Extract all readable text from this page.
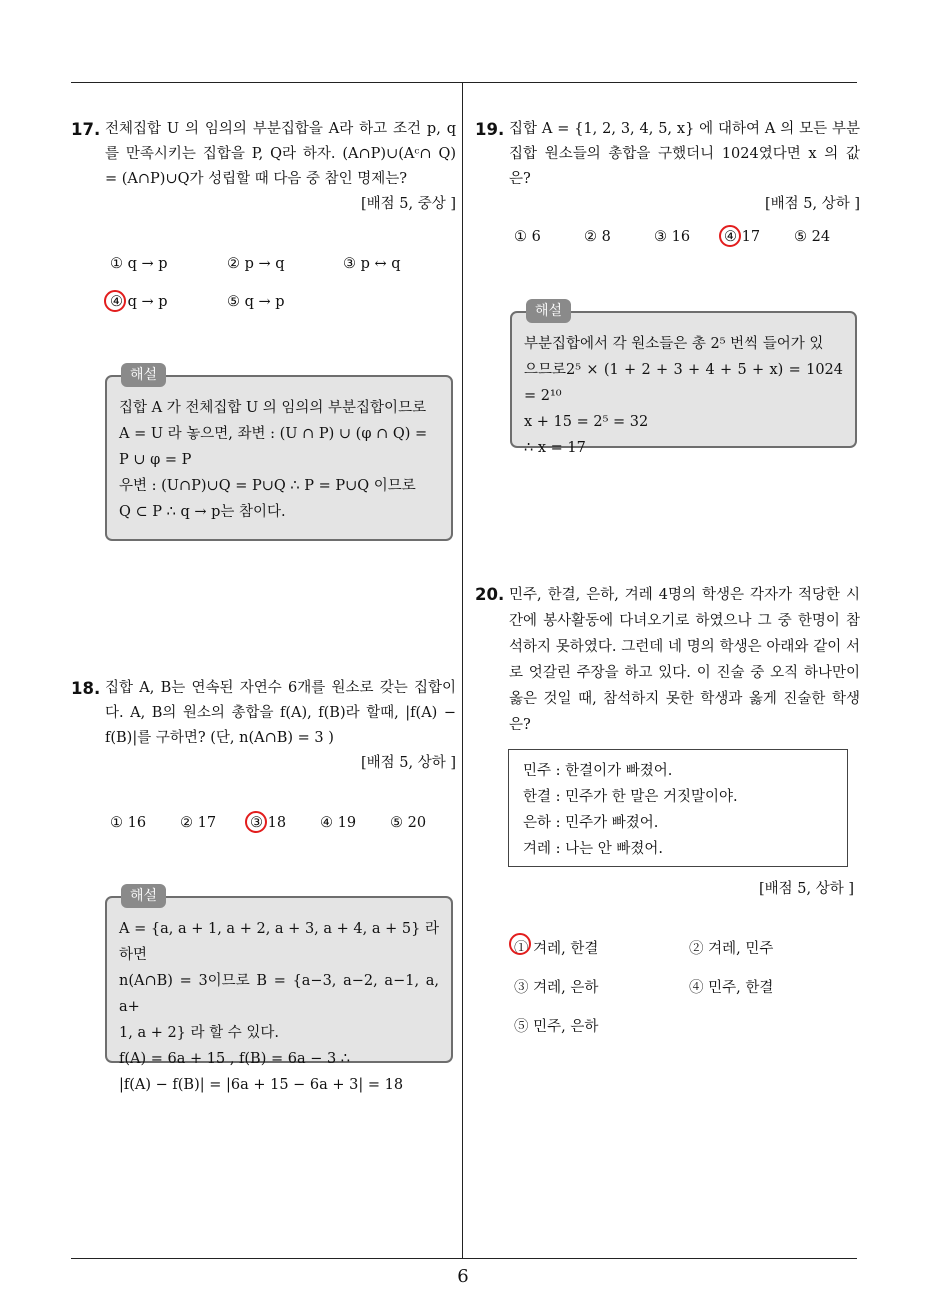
17. 전체집합 U 의 임의의 부분집합을 A라 하고 조건 p, q 를 만족시키는 집합을 P, Q라 하자. (A∩P)∪(Aᶜ∩ Q) = (A∩P)∪Q가 성립할 때 다음 중 참인 명제는?
[배점 5, 중상 ]
① q → p	② p → q	③ p ↔ q
④ q → p	⑤ q → p
해설
집합 A 가 전체집합 U 의 임의의 부분집합이므로
A = U 라 놓으면, 좌변 : (U ∩ P) ∪ (φ ∩ Q) =
P ∪ φ = P
우변 : (U∩P)∪Q = P∪Q ∴ P = P∪Q 이므로
Q ⊂ P ∴ q → p는 참이다.
18. 집합 A, B는 연속된 자연수 6개를 원소로 갖는 집합이다. A, B의 원소의 총합을 f(A), f(B)라 할때, |f(A) − f(B)|를 구하면? (단, n(A∩B) = 3 )
[배점 5, 상하 ]
① 16 ② 17 ③ 18 ④ 19 ⑤ 20
해설
A = {a, a + 1, a + 2, a + 3, a + 4, a + 5} 라 하면
n(A∩B) = 3이므로 B = {a−3, a−2, a−1, a, a+
1, a + 2} 라 할 수 있다.
f(A) = 6a + 15 , f(B) = 6a − 3 ∴
|f(A) − f(B)| = |6a + 15 − 6a + 3| = 18
19. 집합 A = {1, 2, 3, 4, 5, x} 에 대하여 A 의 모든 부분집합 원소들의 총합을 구했더니 1024였다면 x 의 값은?
[배점 5, 상하 ]
① 6	② 8	③ 16 ④ 17 ⑤ 24
해설
부분집합에서 각 원소들은 총 2⁵ 번씩 들어가 있
으므로2⁵ × (1 + 2 + 3 + 4 + 5 + x) = 1024 = 2¹⁰
x + 15 = 2⁵ = 32
∴ x = 17
20. 민주, 한결, 은하, 겨레 4명의 학생은 각자가 적당한 시간에 봉사활동에 다녀오기로 하였으나 그 중 한명이 참석하지 못하였다. 그런데 네 명의 학생은 아래와 같이 서로 엇갈린 주장을 하고 있다. 이 진술 중 오직 하나만이 옳은 것일 때, 참석하지 못한 학생과 옳게 진술한 학생은?
민주 : 한결이가 빠졌어.
한결 : 민주가 한 말은 거짓말이야.
은하 : 민주가 빠졌어.
겨레 : 나는 안 빠졌어.
[배점 5, 상하 ]
① 겨레, 한결	② 겨레, 민주
③ 겨레, 은하	④ 민주, 한결
⑤ 민주, 은하
6
